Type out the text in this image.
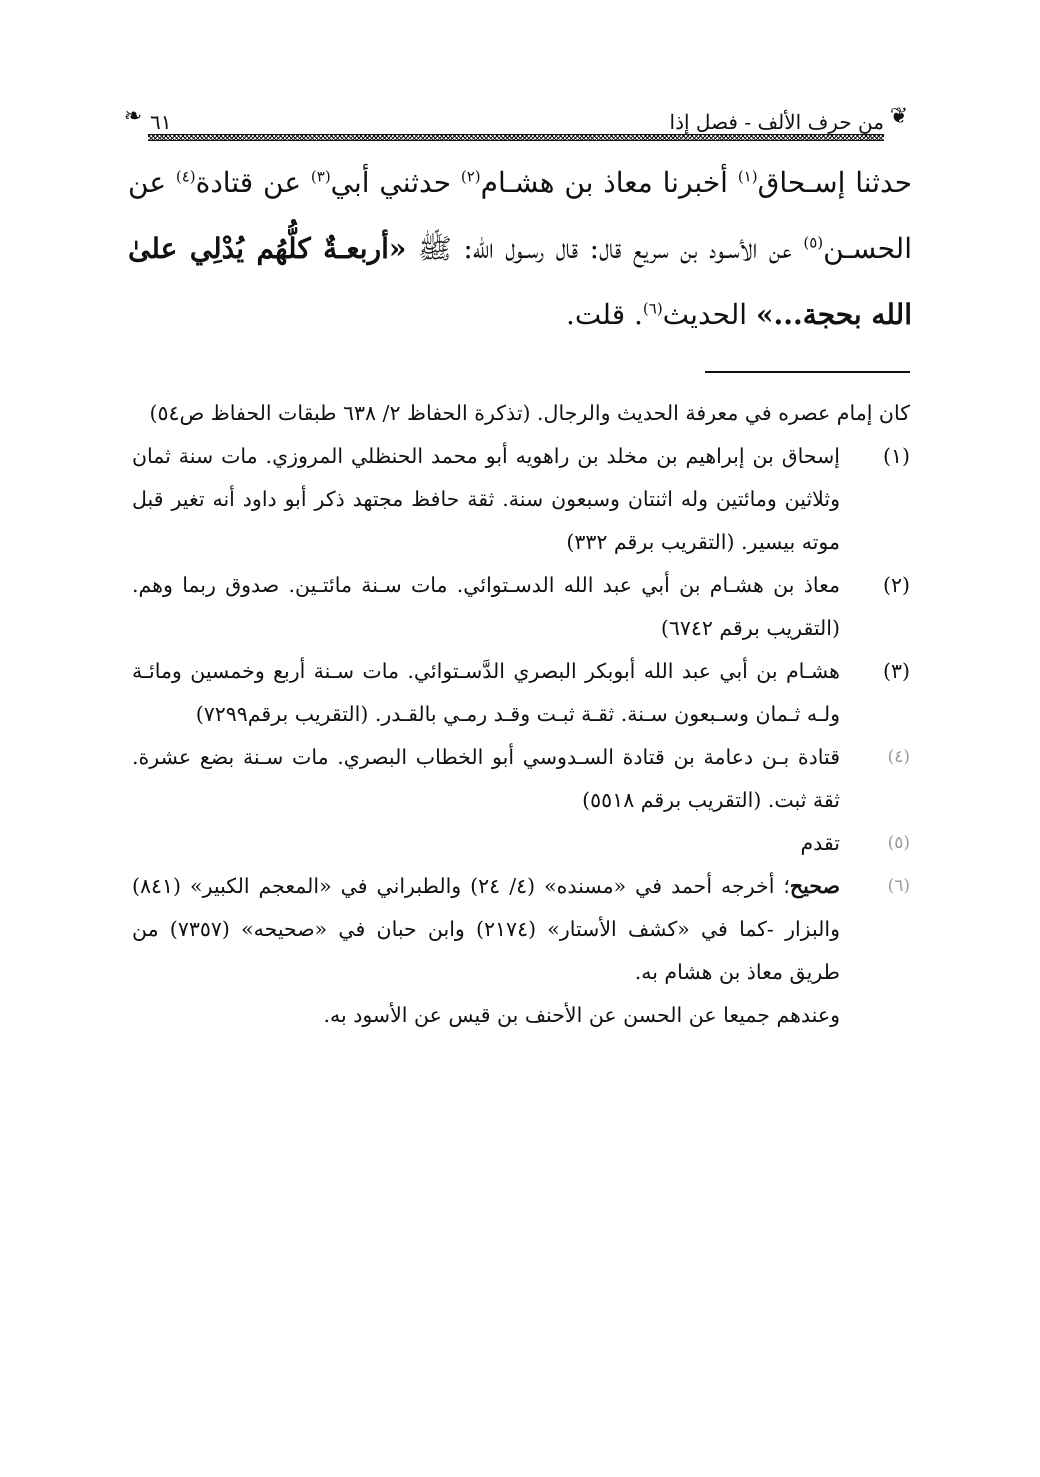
❦
من حرف الألف - فصل إذا
٦١
❧
حدثنا إسـحاق$^{(١)}$ أخبرنا معاذ بن هشـام$^{(٢)}$ حدثني أبي$^{(٣)}$ عن قتادة$^{(٤)}$ عن الحسـن$^{(٥)}$ عن الأسـود بن سريع قال: قال رسـول الله: ﷺ «أربعـةٌ كلُّهُم يُدْلِي علىٰ الله بحجة...» الحديث$^{(٦)}$. قلت.
كان إمام عصره في معرفة الحديث والرجال. (تذكرة الحفاظ ٢/ ٦٣٨ طبقات الحفاظ ص٥٤)
(١)
إسحاق بن إبراهيم بن مخلد بن راهويه أبو محمد الحنظلي المروزي. مات سنة ثمان وثلاثين ومائتين وله اثنتان وسبعون سنة. ثقة حافظ مجتهد ذكر أبو داود أنه تغير قبل موته بيسير. (التقريب برقم ٣٣٢)
(٢)
معاذ بن هشـام بن أبي عبد الله الدسـتوائي. مات سـنة مائتـين. صدوق ربما وهم. (التقريب برقم ٦٧٤٢)
(٣)
هشـام بن أبي عبد الله أبوبكر البصري الدَّسـتوائي. مات سـنة أربع وخمسين ومائـة ولـه ثـمان وسـبعون سـنة. ثقـة ثبـت وقـد رمـي بالقـدر. (التقريب برقم٧٢٩٩)
(٤)
قتادة بـن دعامة بن قتادة السـدوسي أبو الخطاب البصري. مات سـنة بضع عشرة. ثقة ثبت. (التقريب برقم ٥٥١٨)
(٥)
تقدم
(٦)
صحيح؛ أخرجه أحمد في «مسنده» (٤/ ٢٤) والطبراني في «المعجم الكبير» (٨٤١) والبزار -كما في «كشف الأستار» (٢١٧٤) وابن حبان في «صحيحه» (٧٣٥٧) من طريق معاذ بن هشام به.
وعندهم جميعا عن الحسن عن الأحنف بن قيس عن الأسود به.
